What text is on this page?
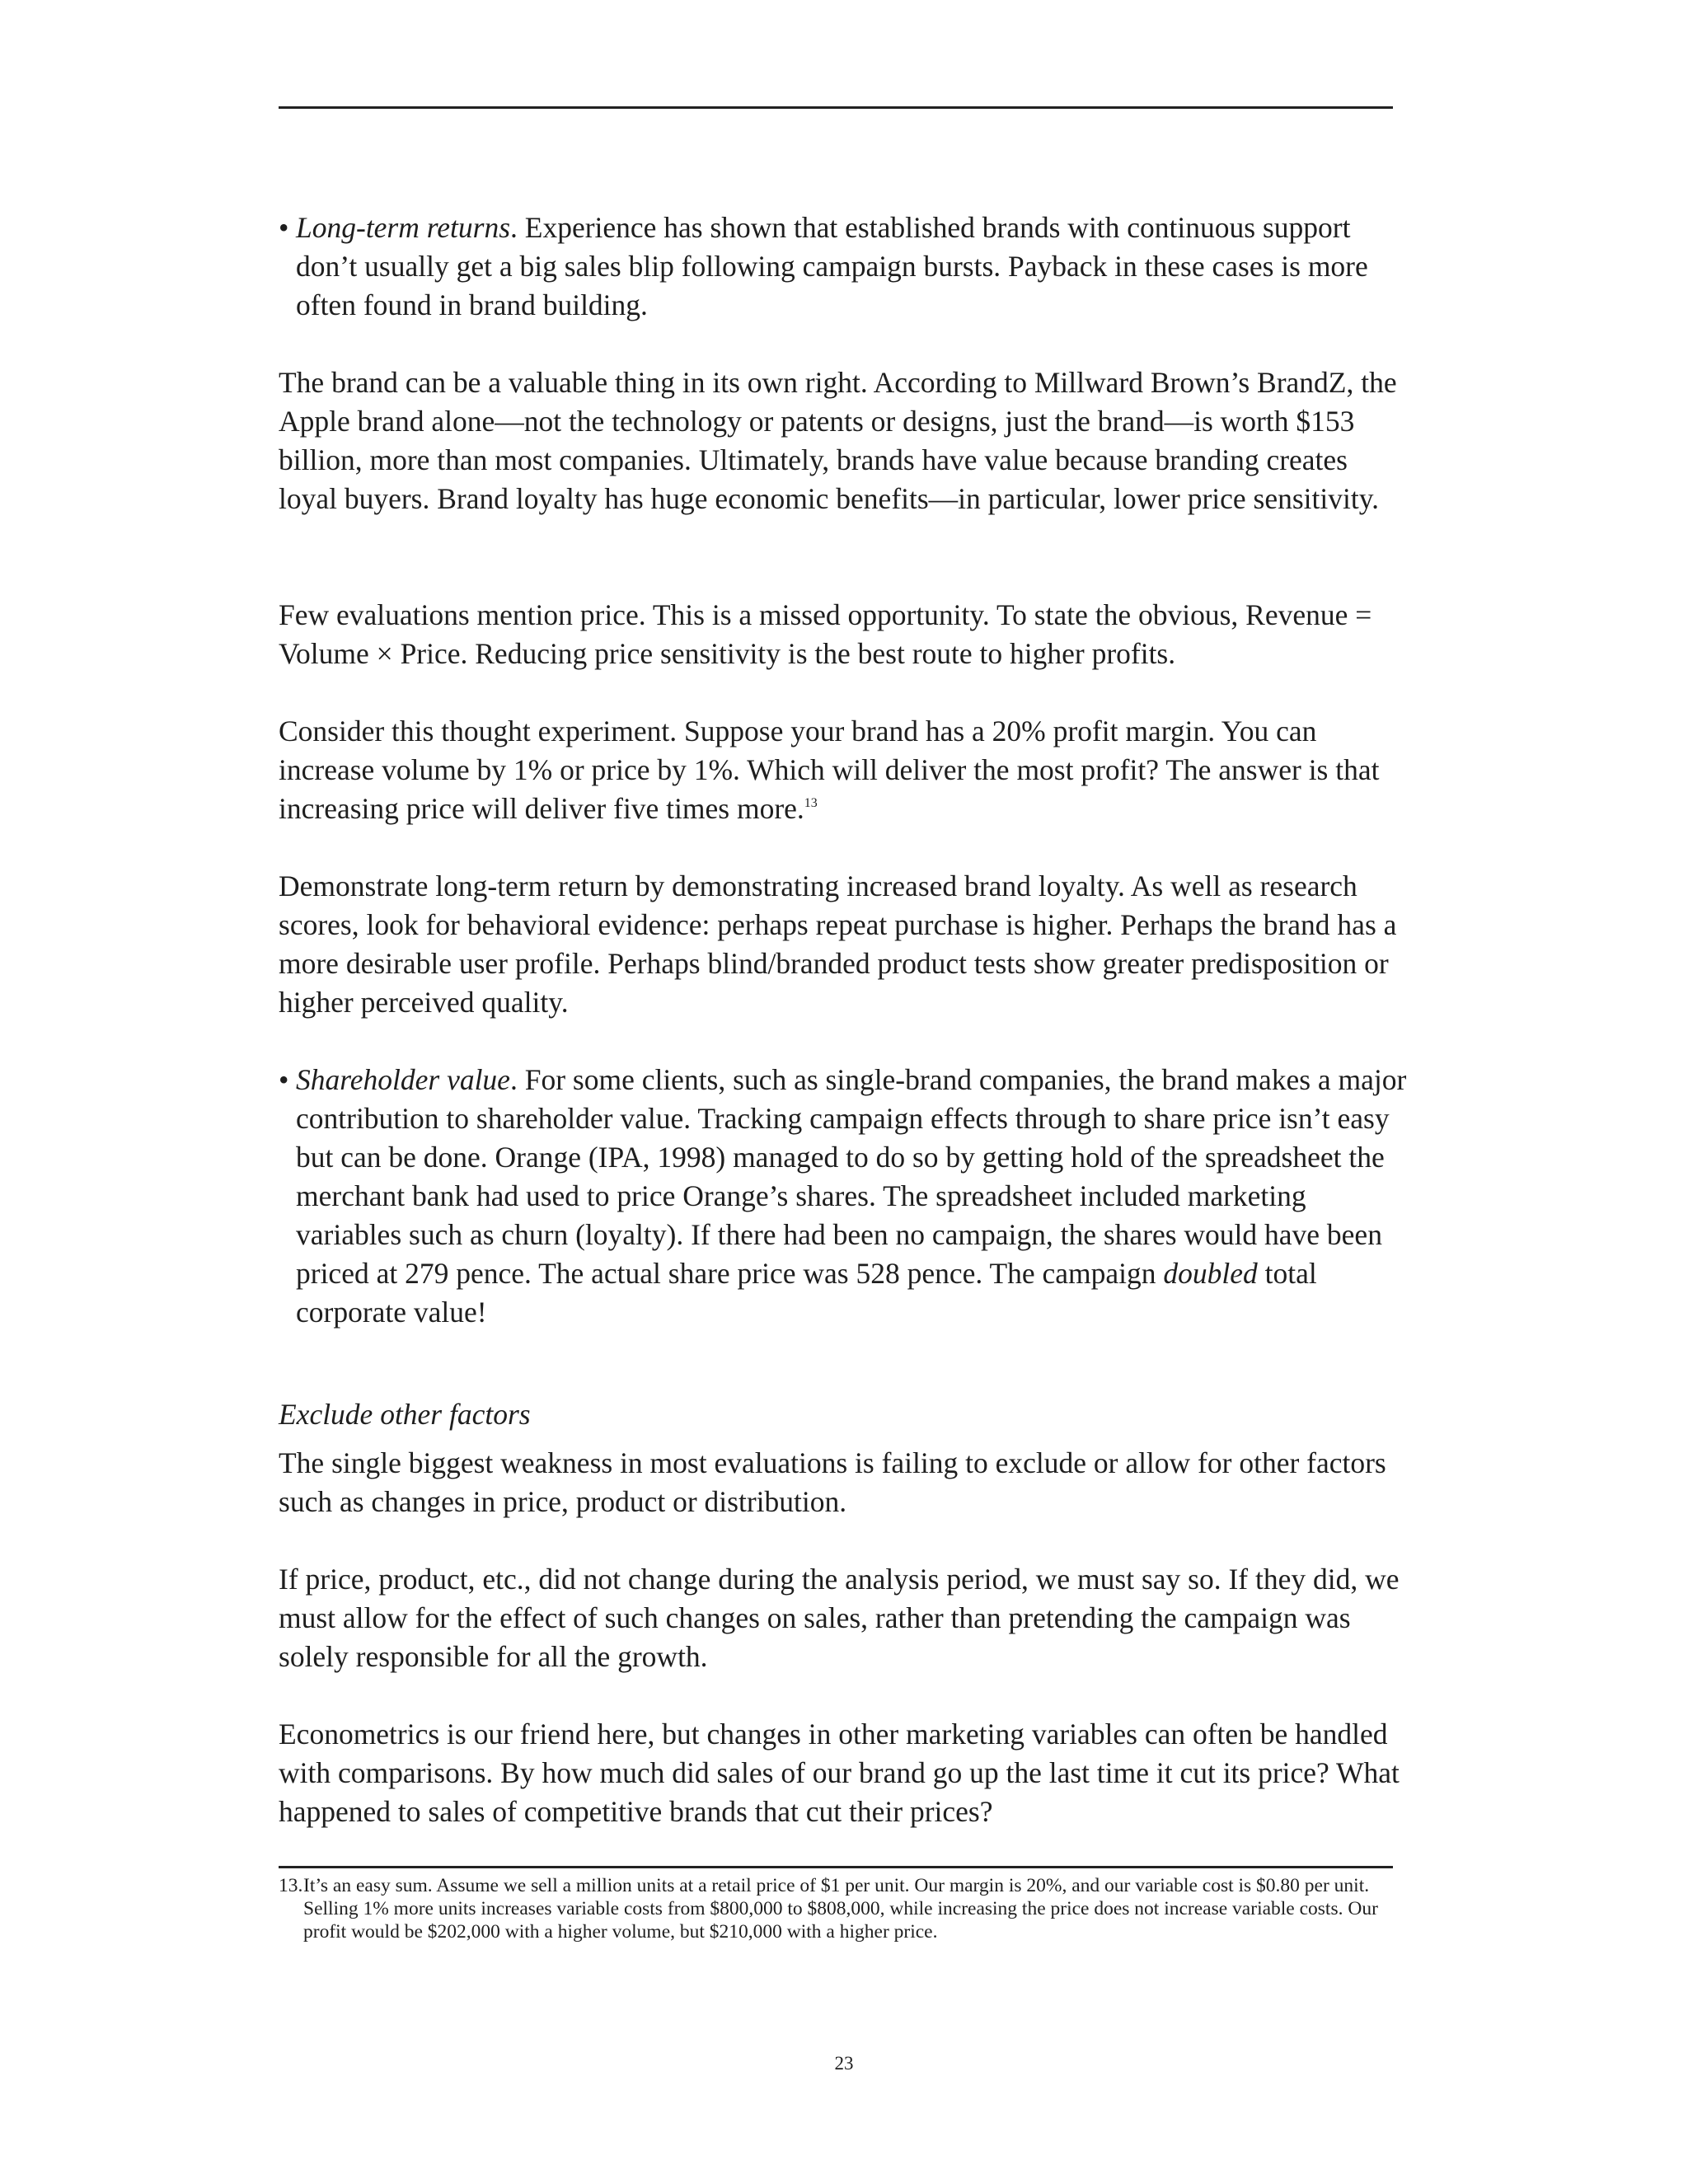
• Long-term returns. Experience has shown that established brands with continuous support don’t usually get a big sales blip following campaign bursts. Payback in these cases is more often found in brand building.

The brand can be a valuable thing in its own right. According to Millward Brown’s BrandZ, the Apple brand alone—not the technology or patents or designs, just the brand—is worth $153 billion, more than most companies. Ultimately, brands have value because branding creates loyal buyers. Brand loyalty has huge economic benefits—in particular, lower price sensitivity.

Few evaluations mention price. This is a missed opportunity. To state the obvious, Revenue = Volume × Price. Reducing price sensitivity is the best route to higher profits.

Consider this thought experiment. Suppose your brand has a 20% profit margin. You can increase volume by 1% or price by 1%. Which will deliver the most profit? The answer is that increasing price will deliver five times more.$^{13}$

Demonstrate long-term return by demonstrating increased brand loyalty. As well as research scores, look for behavioral evidence: perhaps repeat purchase is higher. Perhaps the brand has a more desirable user profile. Perhaps blind/branded product tests show greater predisposition or higher perceived quality.

• Shareholder value. For some clients, such as single-brand companies, the brand makes a major contribution to shareholder value. Tracking campaign effects through to share price isn’t easy but can be done. Orange (IPA, 1998) managed to do so by getting hold of the spreadsheet the merchant bank had used to price Orange’s shares. The spreadsheet included marketing variables such as churn (loyalty). If there had been no campaign, the shares would have been priced at 279 pence. The actual share price was 528 pence. The campaign doubled total corporate value!

Exclude other factors

The single biggest weakness in most evaluations is failing to exclude or allow for other factors such as changes in price, product or distribution.

If price, product, etc., did not change during the analysis period, we must say so. If they did, we must allow for the effect of such changes on sales, rather than pretending the campaign was solely responsible for all the growth.

Econometrics is our friend here, but changes in other marketing variables can often be handled with comparisons. By how much did sales of our brand go up the last time it cut its price? What happened to sales of competitive brands that cut their prices?

13.It’s an easy sum. Assume we sell a million units at a retail price of $1 per unit. Our margin is 20%, and our variable cost is $0.80 per unit. Selling 1% more units increases variable costs from $800,000 to $808,000, while increasing the price does not increase variable costs. Our profit would be $202,000 with a higher volume, but $210,000 with a higher price.

23
